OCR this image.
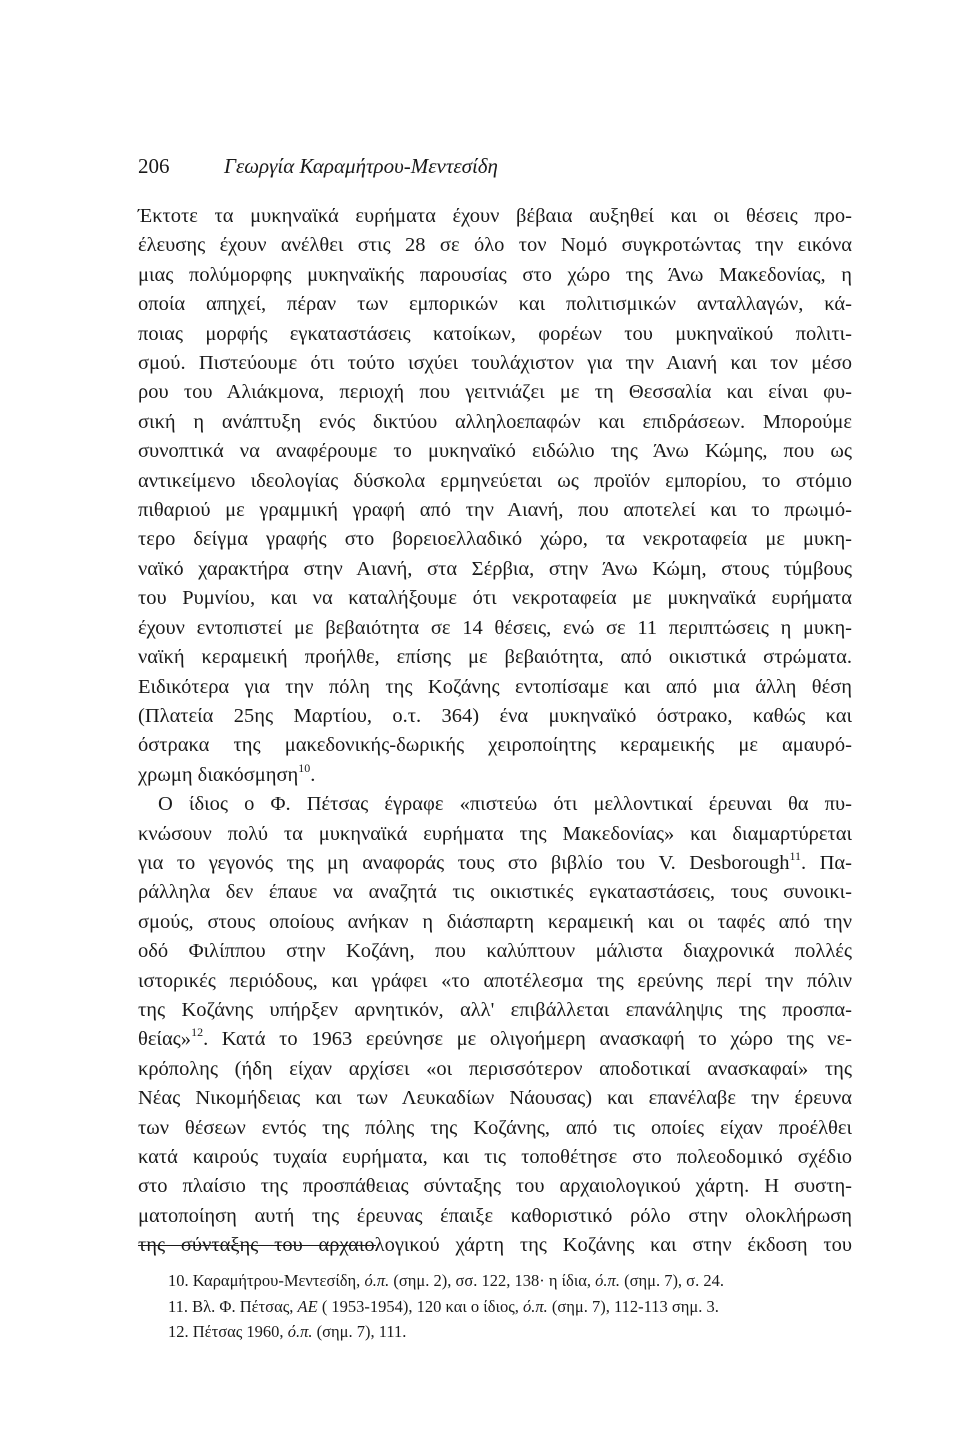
206	Γεωργία Καραμήτρου-Μεντεσίδη
Έκτοτε τα μυκηναϊκά ευρήματα έχουν βέβαια αυξηθεί και οι θέσεις προ-
έλευσης έχουν ανέλθει στις 28 σε όλο τον Νομό συγκροτώντας την εικόνα
μιας πολύμορφης μυκηναϊκής παρουσίας στο χώρο της Άνω Μακεδονίας, η
οποία απηχεί, πέραν των εμπορικών και πολιτισμικών ανταλλαγών, κά-
ποιας μορφής εγκαταστάσεις κατοίκων, φορέων του μυκηναϊκού πολιτι-
σμού. Πιστεύουμε ότι τούτο ισχύει τουλάχιστον για την Αιανή και τον μέσο
ρου του Αλιάκμονα, περιοχή που γειτνιάζει με τη Θεσσαλία και είναι φυ-
σική η ανάπτυξη ενός δικτύου αλληλοεπαφών και επιδράσεων. Μπορούμε
συνοπτικά να αναφέρουμε το μυκηναϊκό ειδώλιο της Άνω Κώμης, που ως
αντικείμενο ιδεολογίας δύσκολα ερμηνεύεται ως προϊόν εμπορίου, το στόμιο
πιθαριού με γραμμική γραφή από την Αιανή, που αποτελεί και το πρωιμό-
τερο δείγμα γραφής στο βορειοελλαδικό χώρο, τα νεκροταφεία με μυκη-
ναϊκό χαρακτήρα στην Αιανή, στα Σέρβια, στην Άνω Κώμη, στους τύμβους
του Ρυμνίου, και να καταλήξουμε ότι νεκροταφεία με μυκηναϊκά ευρήματα
έχουν εντοπιστεί με βεβαιότητα σε 14 θέσεις, ενώ σε 11 περιπτώσεις η μυκη-
ναϊκή κεραμεική προήλθε, επίσης με βεβαιότητα, από οικιστικά στρώματα.
Ειδικότερα για την πόλη της Κοζάνης εντοπίσαμε και από μια άλλη θέση
(Πλατεία 25ης Μαρτίου, ο.τ. 364) ένα μυκηναϊκό όστρακο, καθώς και
όστρακα της μακεδονικής-δωρικής χειροποίητης κεραμεικής με αμαυρό-
χρωμη διακόσμηση$^{10}$.
Ο ίδιος ο Φ. Πέτσας έγραφε «πιστεύω ότι μελλοντικαί έρευναι θα πυ-
κνώσουν πολύ τα μυκηναϊκά ευρήματα της Μακεδονίας» και διαμαρτύρεται
για το γεγονός της μη αναφοράς τους στο βιβλίο του V. Desborough$^{11}$. Πα-
ράλληλα δεν έπαυε να αναζητά τις οικιστικές εγκαταστάσεις, τους συνοικι-
σμούς, στους οποίους ανήκαν η διάσπαρτη κεραμεική και οι ταφές από την
οδό Φιλίππου στην Κοζάνη, που καλύπτουν μάλιστα διαχρονικά πολλές
ιστορικές περιόδους, και γράφει «το αποτέλεσμα της ερεύνης περί την πόλιν
της Κοζάνης υπήρξεν αρνητικόν, αλλ' επιβάλλεται επανάληψις της προσπα-
θείας»$^{12}$. Κατά το 1963 ερεύνησε με ολιγοήμερη ανασκαφή το χώρο της νε-
κρόπολης (ήδη είχαν αρχίσει «οι περισσότερον αποδοτικαί ανασκαφαί» της
Νέας Νικομήδειας και των Λευκαδίων Νάουσας) και επανέλαβε την έρευνα
των θέσεων εντός της πόλης της Κοζάνης, από τις οποίες είχαν προέλθει
κατά καιρούς τυχαία ευρήματα, και τις τοποθέτησε στο πολεοδομικό σχέδιο
στο πλαίσιο της προσπάθειας σύνταξης του αρχαιολογικού χάρτη. Η συστη-
ματοποίηση αυτή της έρευνας έπαιξε καθοριστικό ρόλο στην ολοκλήρωση
της σύνταξης του αρχαιολογικού χάρτη της Κοζάνης και στην έκδοση του
10. Καραμήτρου-Μεντεσίδη, ό.π. (σημ. 2), σσ. 122, 138· η ίδια, ό.π. (σημ. 7), σ. 24.
11. Βλ. Φ. Πέτσας, ΑΕ ( 1953-1954), 120 και ο ίδιος, ό.π. (σημ. 7), 112-113 σημ. 3.
12. Πέτσας 1960, ό.π. (σημ. 7), 111.
